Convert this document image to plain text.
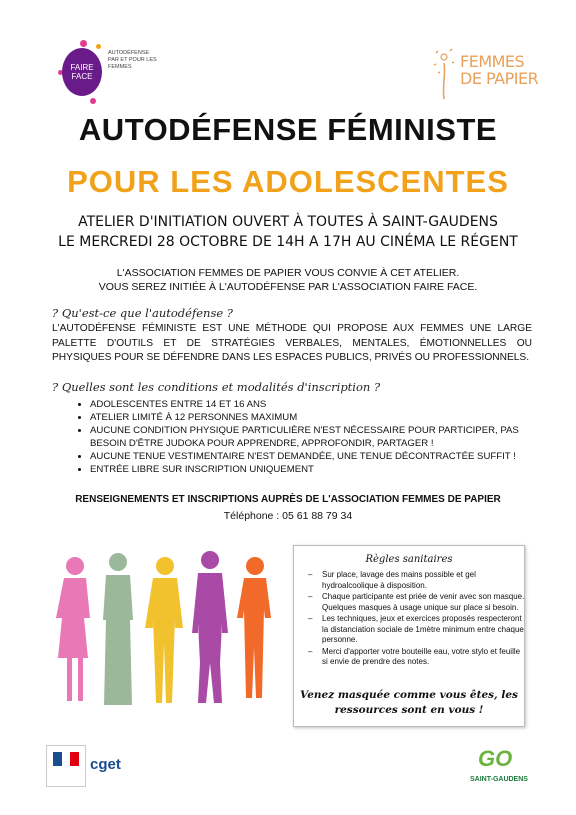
FAIRE
FACE
AUTODÉFENSE
PAR ET POUR LES
FEMMES	FEMMES
DE PAPIER
AUTODÉFENSE FÉMINISTE
POUR LES ADOLESCENTES
ATELIER D'INITIATION OUVERT À TOUTES À SAINT-GAUDENS
LE MERCREDI 28 OCTOBRE DE 14H A 17H AU CINÉMA LE RÉGENT
L'ASSOCIATION FEMMES DE PAPIER VOUS CONVIE À CET ATELIER.
VOUS SEREZ INITIÉE À L'AUTODÉFENSE PAR L'ASSOCIATION FAIRE FACE.
? Qu'est-ce que l'autodéfense ?
L'AUTODÉFENSE FÉMINISTE EST UNE MÉTHODE QUI PROPOSE AUX FEMMES UNE LARGE PALETTE D'OUTILS ET DE STRATÉGIES VERBALES, MENTALES, ÉMOTIONNELLES OU PHYSIQUES POUR SE DÉFENDRE DANS LES ESPACES PUBLICS, PRIVÉS OU PROFESSIONNELS.
? Quelles sont les conditions et modalités d'inscription ?
• ADOLESCENTES ENTRE 14 ET 16 ANS
• ATELIER LIMITÉ À 12 PERSONNES MAXIMUM
• AUCUNE CONDITION PHYSIQUE PARTICULIÈRE N'EST NÉCESSAIRE POUR PARTICIPER, PAS BESOIN D'ÊTRE JUDOKA POUR APPRENDRE, APPROFONDIR, PARTAGER !
• AUCUNE TENUE VESTIMENTAIRE N'EST DEMANDÉE, UNE TENUE DÉCONTRACTÉE SUFFIT !
• ENTRÉE LIBRE SUR INSCRIPTION UNIQUEMENT
RENSEIGNEMENTS ET INSCRIPTIONS AUPRÈS DE L'ASSOCIATION FEMMES DE PAPIER
Téléphone : 05 61 88 79 34
Règles sanitaires
– Sur place, lavage des mains possible et gel hydroalcoolique à disposition.
– Chaque participante est priée de venir avec son masque. Quelques masques à usage unique sur place si besoin.
– Les techniques, jeux et exercices proposés respecteront la distanciation sociale de 1mètre minimum entre chaque personne.
– Merci d'apporter votre bouteille eau, votre stylo et feuille si envie de prendre des notes.
Venez masquée comme vous êtes, les ressources sont en vous !
cget	GO
SAINT-GAUDENS
